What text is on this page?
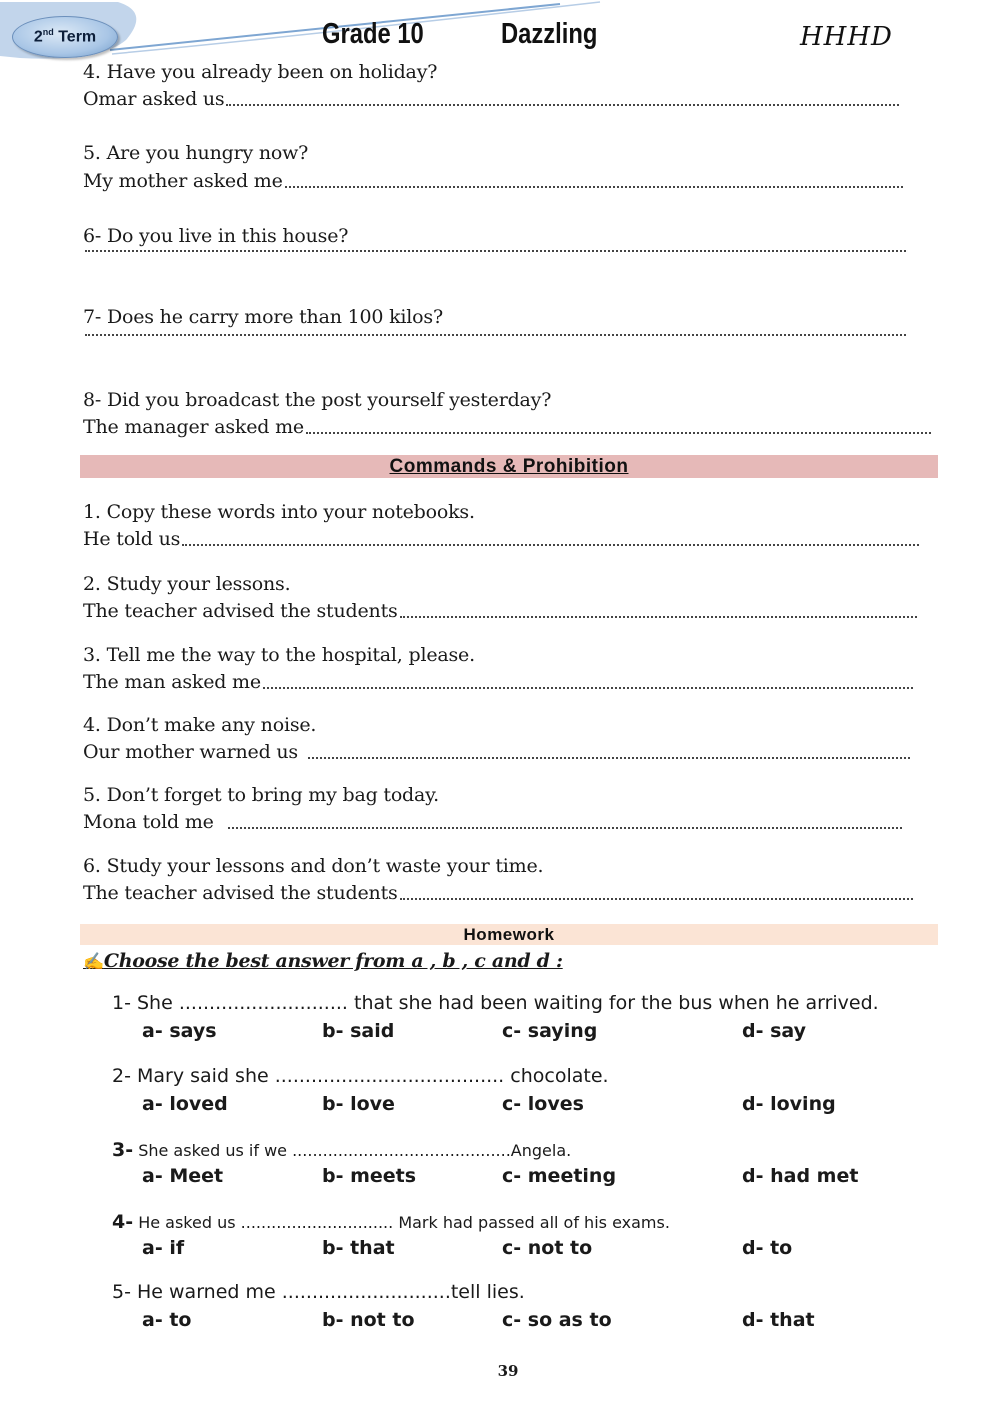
2nd Term	Grade 10	Dazzling	HHHD
4. Have you already been on holiday?
Omar asked us
5. Are you hungry now?
My mother asked me
6- Do you live in this house?
7- Does he carry more than 100 kilos?
8- Did you broadcast the post yourself yesterday?
The manager asked me
Commands & Prohibition
1. Copy these words into your notebooks.
He told us
2. Study your lessons.
The teacher advised the students
3. Tell me the way to the hospital, please.
The man asked me
4. Don’t make any noise.
Our mother warned us
5. Don’t forget to bring my bag today.
Mona told me
6. Study your lessons and don’t waste your time.
The teacher advised the students
Homework
✍Choose the best answer from a , b , c and d :
1- She ............................ that she had been waiting for the bus when he arrived.
a- says	b- said	c- saying	d- say
2- Mary said she ...................................... chocolate.
a- loved	b- love	c- loves	d- loving
3- She asked us if we ...........................................Angela.
a- Meet	b- meets	c- meeting	d- had met
4- He asked us .............................. Mark had passed all of his exams.
a- if	b- that	c- not to	d- to
5- He warned me ............................tell lies.
a- to	b- not to	c- so as to	d- that
39
